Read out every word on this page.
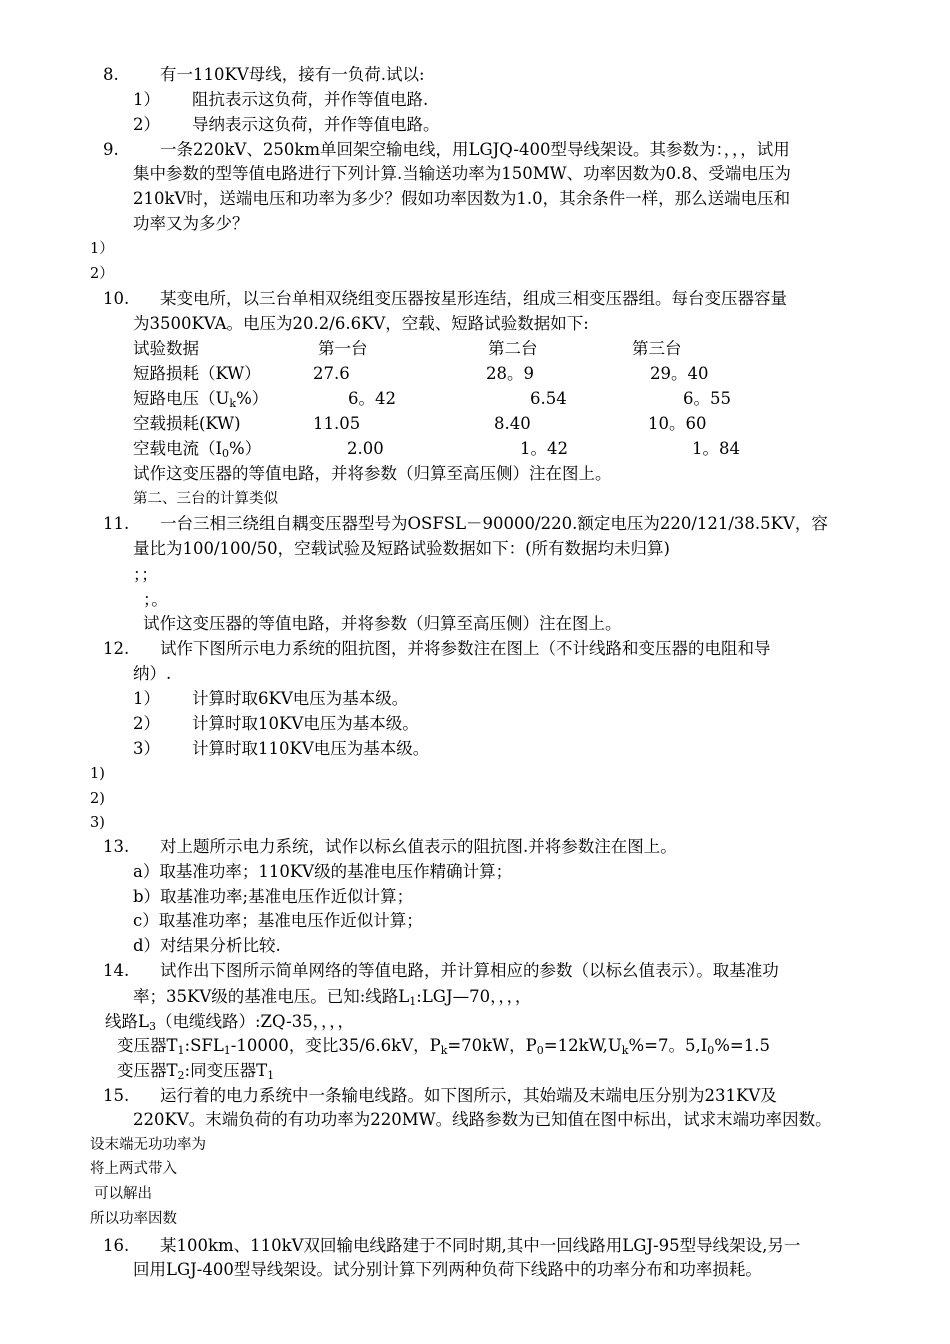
8.	有一110KV母线，接有一负荷.试以:
1） 阻抗表示这负荷，并作等值电路.
2） 导纳表示这负荷，并作等值电路。
9.	一条220kV、250km单回架空输电线，用LGJQ-400型导线架设。其参数为：，，，试用
集中参数的型等值电路进行下列计算.当输送功率为150MW、功率因数为0.8、受端电压为
210kV时，送端电压和功率为多少？假如功率因数为1.0，其余条件一样，那么送端电压和
功率又为多少？
1）
2）
10. 某变电所，以三台单相双绕组变压器按星形连结，组成三相变压器组。每台变压器容量
为3500KVA。电压为20.2/6.6KV，空载、短路试验数据如下:
试验数据	第一台	第二台	第三台
短路损耗（KW）	27.6	28。9	29。40
短路电压$(U_k\%)$	6。42	6.54	6。55
空载损耗(KW)	11.05	8.40	10。60
空载电流$(I_0\%)$	2.00	1。42	1。84
试作这变压器的等值电路，并将参数（归算至高压侧）注在图上。
第二、三台的计算类似
11. 一台三相三绕组自耦变压器型号为OSFSL－90000/220.额定电压为220/121/38.5KV，容
量比为100/100/50，空载试验及短路试验数据如下：(所有数据均未归算)
；；
；。
试作这变压器的等值电路，并将参数（归算至高压侧）注在图上。
12. 试作下图所示电力系统的阻抗图，并将参数注在图上（不计线路和变压器的电阻和导
纳）.
1） 计算时取6KV电压为基本级。
2） 计算时取10KV电压为基本级。
3） 计算时取110KV电压为基本级。
1)
2)
3)
13. 对上题所示电力系统，试作以标幺值表示的阻抗图.并将参数注在图上。
a）取基准功率；110KV级的基准电压作精确计算；
b）取基准功率;基准电压作近似计算；
c）取基准功率；基准电压作近似计算；
d）对结果分析比较.
14. 试作出下图所示简单网络的等值电路，并计算相应的参数（以标幺值表示）。取基准功
率；35KV级的基准电压。已知:线路$L_1:LGJ—70$，，，，
线路$L_3$（电缆线路）:ZQ-35，，，，
变压器$T_1:SFL_1-10000$，变比35/6.6kV，$P_k=70kW$，$P_0=12kW,U_k\%=7$。$5,I_0\%=1.5$
变压器$T_2$:同变压器$T_1$
15. 运行着的电力系统中一条输电线路。如下图所示，其始端及末端电压分别为231KV及
220KV。末端负荷的有功功率为220MW。线路参数为已知值在图中标出，试求末端功率因数。
设末端无功功率为
将上两式带入
可以解出
所以功率因数
16. 某100km、110kV双回输电线路建于不同时期,其中一回线路用LGJ-95型导线架设,另一
回用LGJ-400型导线架设。试分别计算下列两种负荷下线路中的功率分布和功率损耗。
